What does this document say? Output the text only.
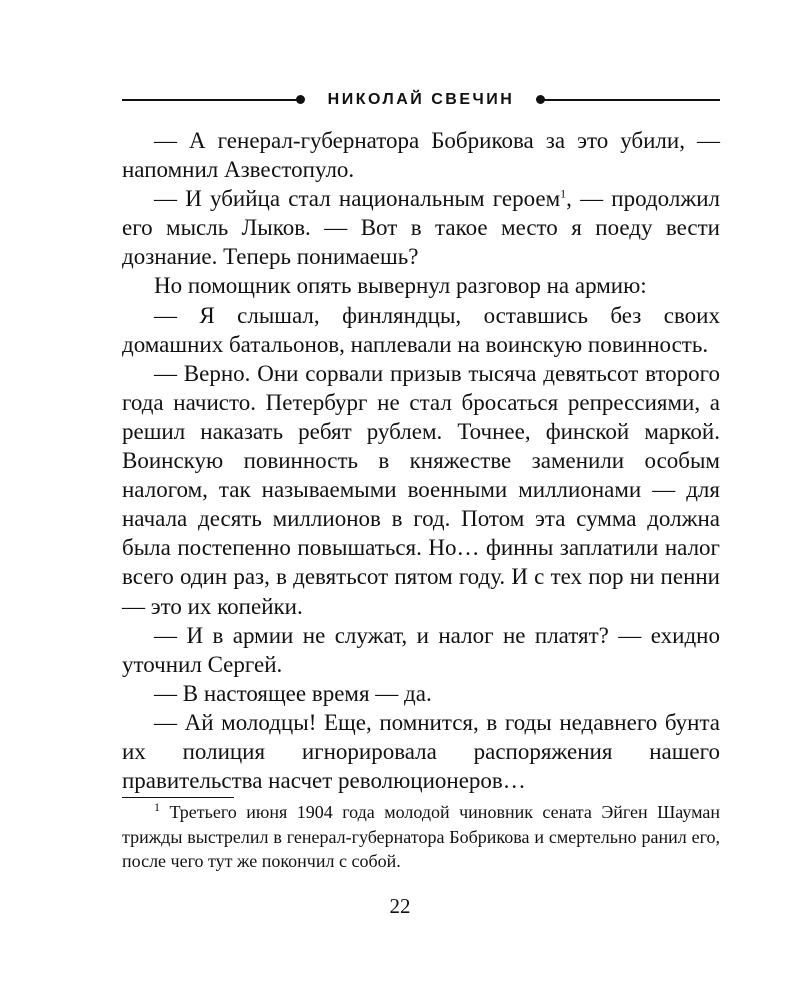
НИКОЛАЙ СВЕЧИН

— А генерал-губернатора Бобрикова за это убили, — напомнил Азвестопуло.

— И убийца стал национальным героем$^1$, — продолжил его мысль Лыков. — Вот в такое место я поеду вести дознание. Теперь понимаешь?

Но помощник опять вывернул разговор на армию:

— Я слышал, финляндцы, оставшись без своих домашних батальонов, наплевали на воинскую повинность.

— Верно. Они сорвали призыв тысяча девятьсот второго года начисто. Петербург не стал бросаться репрессиями, а решил наказать ребят рублем. Точнее, финской маркой. Воинскую повинность в княжестве заменили особым налогом, так называемыми военными миллионами — для начала десять миллионов в год. Потом эта сумма должна была постепенно повышаться. Но… финны заплатили налог всего один раз, в девятьсот пятом году. И с тех пор ни пенни — это их копейки.

— И в армии не служат, и налог не платят? — ехидно уточнил Сергей.

— В настоящее время — да.

— Ай молодцы! Еще, помнится, в годы недавнего бунта их полиция игнорировала распоряжения нашего правительства насчет революционеров…

$^1$ Третьего июня 1904 года молодой чиновник сената Эйген Шауман трижды выстрелил в генерал-губернатора Бобрикова и смертельно ранил его, после чего тут же покончил с собой.

22
